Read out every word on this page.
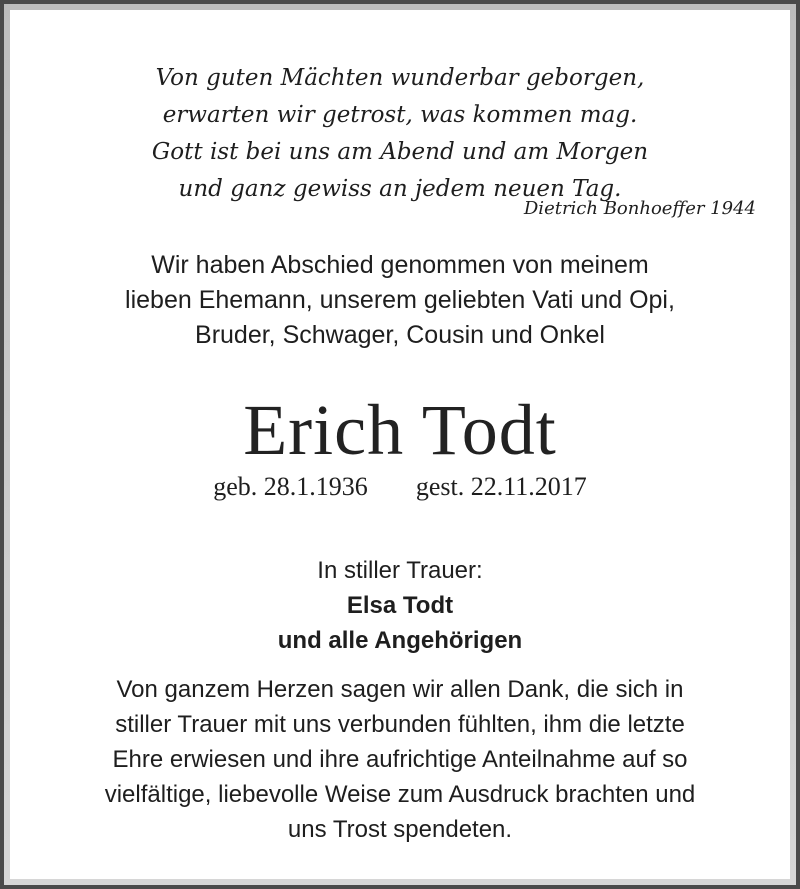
Von guten Mächten wunderbar geborgen,
erwarten wir getrost, was kommen mag.
Gott ist bei uns am Abend und am Morgen
und ganz gewiss an jedem neuen Tag.
Dietrich Bonhoeffer 1944
Wir haben Abschied genommen von meinem
lieben Ehemann, unserem geliebten Vati und Opi,
Bruder, Schwager, Cousin und Onkel
Erich Todt
geb. 28.1.1936 gest. 22.11.2017
In stiller Trauer:
Elsa Todt
und alle Angehörigen
Von ganzem Herzen sagen wir allen Dank, die sich in
stiller Trauer mit uns verbunden fühlten, ihm die letzte
Ehre erwiesen und ihre aufrichtige Anteilnahme auf so
vielfältige, liebevolle Weise zum Ausdruck brachten und
uns Trost spendeten.
